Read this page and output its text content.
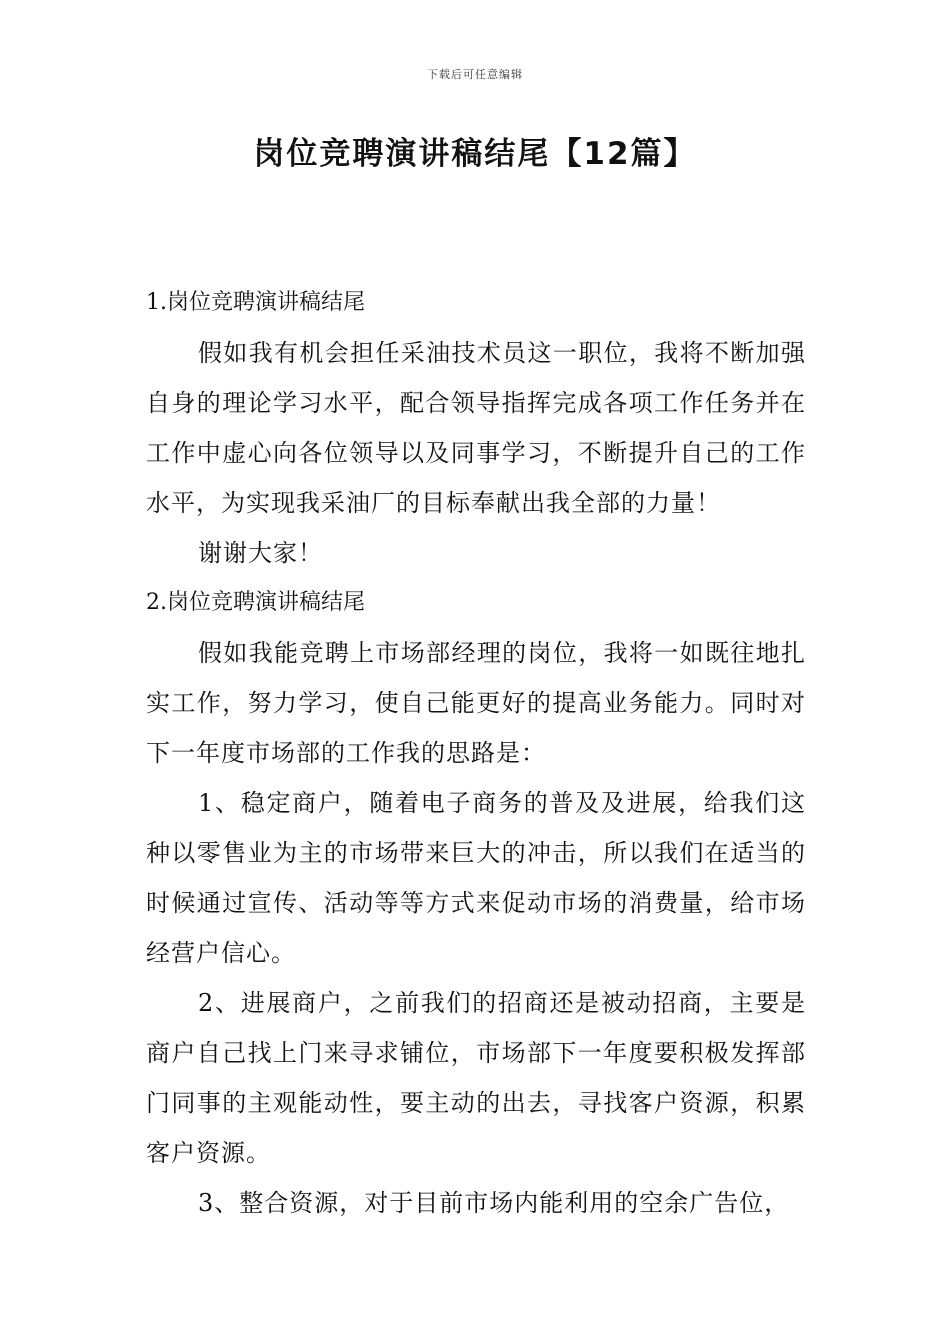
下载后可任意编辑
岗位竞聘演讲稿结尾【12篇】

1.岗位竞聘演讲稿结尾

假如我有机会担任采油技术员这一职位，我将不断加强自身的理论学习水平，配合领导指挥完成各项工作任务并在工作中虚心向各位领导以及同事学习，不断提升自己的工作水平，为实现我采油厂的目标奉献出我全部的力量！

谢谢大家！

2.岗位竞聘演讲稿结尾

假如我能竞聘上市场部经理的岗位，我将一如既往地扎实工作，努力学习，使自己能更好的提高业务能力。同时对下一年度市场部的工作我的思路是：

1、稳定商户，随着电子商务的普及及进展，给我们这种以零售业为主的市场带来巨大的冲击，所以我们在适当的时候通过宣传、活动等等方式来促动市场的消费量，给市场经营户信心。

2、进展商户，之前我们的招商还是被动招商，主要是商户自己找上门来寻求铺位，市场部下一年度要积极发挥部门同事的主观能动性，要主动的出去，寻找客户资源，积累客户资源。

3、整合资源，对于目前市场内能利用的空余广告位，
